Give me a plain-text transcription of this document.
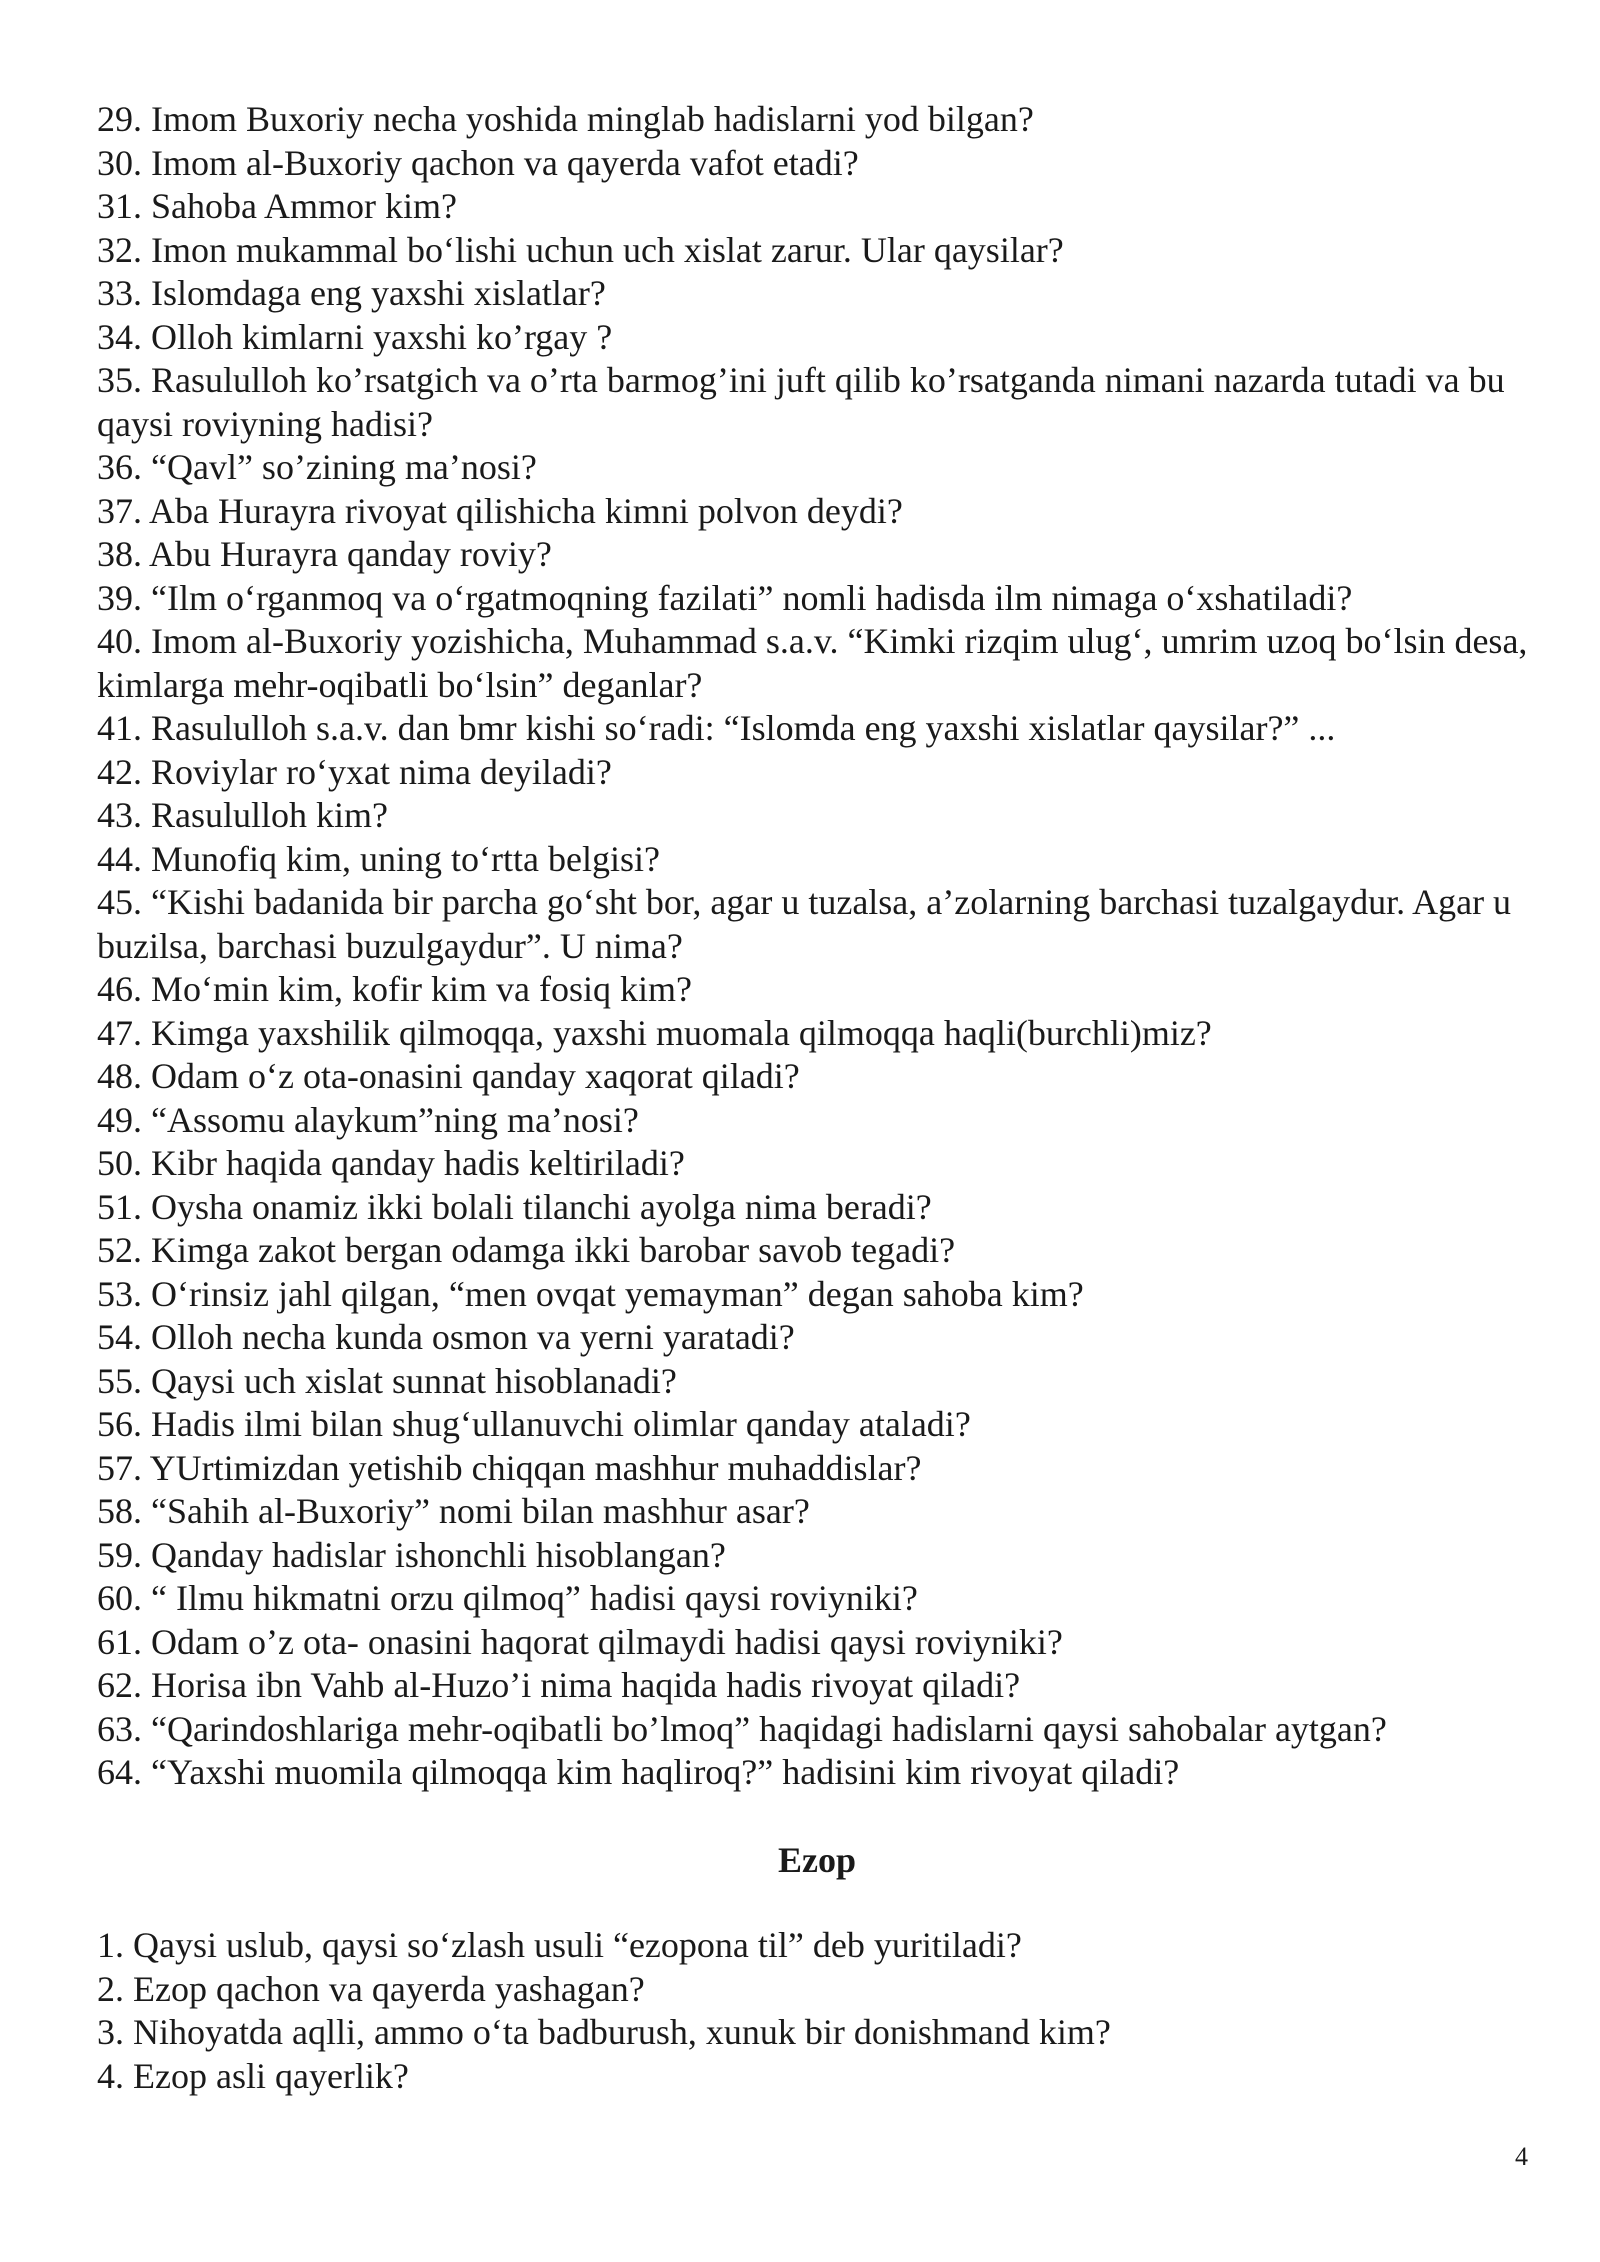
29. Imom Buxoriy necha yoshida minglab hadislarni yod bilgan?
30. Imom al-Buxoriy qachon va qayerda vafot etadi?
31. Sahoba Ammor kim?
32. Imon mukammal bo‘lishi uchun uch xislat zarur. Ular qaysilar?
33. Islomdaga eng yaxshi xislatlar?
34. Olloh kimlarni yaxshi ko’rgay ?
35. Rasululloh ko’rsatgich va o’rta barmog’ini juft qilib ko’rsatganda nimani nazarda tutadi va bu qaysi roviyning hadisi?
36. “Qavl” so’zining ma’nosi?
37. Aba Hurayra rivoyat qilishicha kimni polvon deydi?
38. Abu Hurayra qanday roviy?
39. “Ilm o‘rganmoq va o‘rgatmoqning fazilati” nomli hadisda ilm nimaga o‘xshatiladi?
40. Imom al-Buxoriy yozishicha, Muhammad s.a.v. “Kimki rizqim ulug‘, umrim uzoq bo‘lsin desa, kimlarga mehr-oqibatli bo‘lsin” deganlar?
41. Rasululloh s.a.v. dan bmr kishi so‘radi: “Islomda eng yaxshi xislatlar qaysilar?” ...
42. Roviylar ro‘yxat nima deyiladi?
43. Rasululloh kim?
44. Munofiq kim, uning to‘rtta belgisi?
45. “Kishi badanida bir parcha go‘sht bor, agar u tuzalsa, a’zolarning barchasi tuzalgaydur. Agar u buzilsa, barchasi buzulgaydur”. U nima?
46. Mo‘min kim, kofir kim va fosiq kim?
47. Kimga yaxshilik qilmoqqa, yaxshi muomala qilmoqqa haqli(burchli)miz?
48. Odam o‘z ota-onasini qanday xaqorat qiladi?
49. “Assomu alaykum”ning ma’nosi?
50. Kibr haqida qanday hadis keltiriladi?
51. Oysha onamiz ikki bolali tilanchi ayolga nima beradi?
52. Kimga zakot bergan odamga ikki barobar savob tegadi?
53. O‘rinsiz jahl qilgan, “men ovqat yemayman” degan sahoba kim?
54. Olloh necha kunda osmon va yerni yaratadi?
55. Qaysi uch xislat sunnat hisoblanadi?
56. Hadis ilmi bilan shug‘ullanuvchi olimlar qanday ataladi?
57. YUrtimizdan yetishib chiqqan mashhur muhaddislar?
58. “Sahih al-Buxoriy” nomi bilan mashhur asar?
59. Qanday hadislar ishonchli hisoblangan?
60. “ Ilmu hikmatni orzu qilmoq” hadisi qaysi roviyniki?
61. Odam o’z ota- onasini haqorat qilmaydi hadisi qaysi roviyniki?
62. Horisa ibn Vahb al-Huzo’i nima haqida hadis rivoyat qiladi?
63. “Qarindoshlariga mehr-oqibatli bo’lmoq” haqidagi hadislarni qaysi sahobalar aytgan?
64. “Yaxshi muomila qilmoqqa kim haqliroq?” hadisini kim rivoyat qiladi?
Ezop
1. Qaysi uslub, qaysi so‘zlash usuli “ezopona til” deb yuritiladi?
2. Ezop qachon va qayerda yashagan?
3. Nihoyatda aqlli, ammo o‘ta badburush, xunuk bir donishmand kim?
4. Ezop asli qayerlik?
4
